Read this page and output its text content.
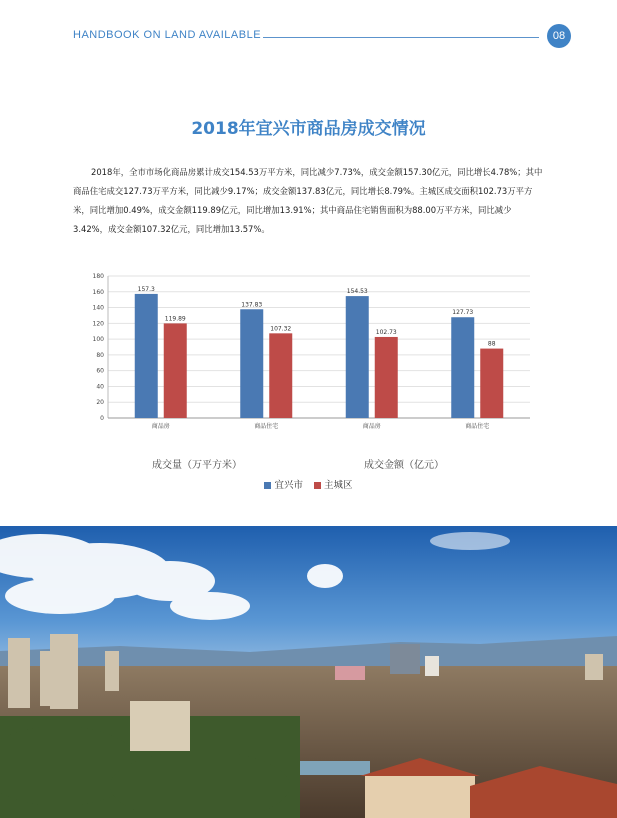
HANDBOOK ON LAND AVAILABLE	08
2018年宜兴市商品房成交情况
2018年，全市市场化商品房累计成交154.53万平方米，同比减少7.73%，成交金额157.30亿元，同比增长4.78%；其中商品住宅成交127.73万平方米，同比减少9.17%；成交金额137.83亿元，同比增长8.79%。主城区成交面积102.73万平方米，同比增加0.49%，成交金额119.89亿元，同比增加13.91%；其中商品住宅销售面积为88.00万平方米，同比减少3.42%，成交金额107.32亿元，同比增加13.57%。
0
20
40
60
80
100
120
140
160
180
157.3
119.89
商品房
137.83
107.32
商品住宅
154.53
102.73
商品房
127.73
88
商品住宅
成交量（万平方米）	成交金额（亿元）
宜兴市 主城区
